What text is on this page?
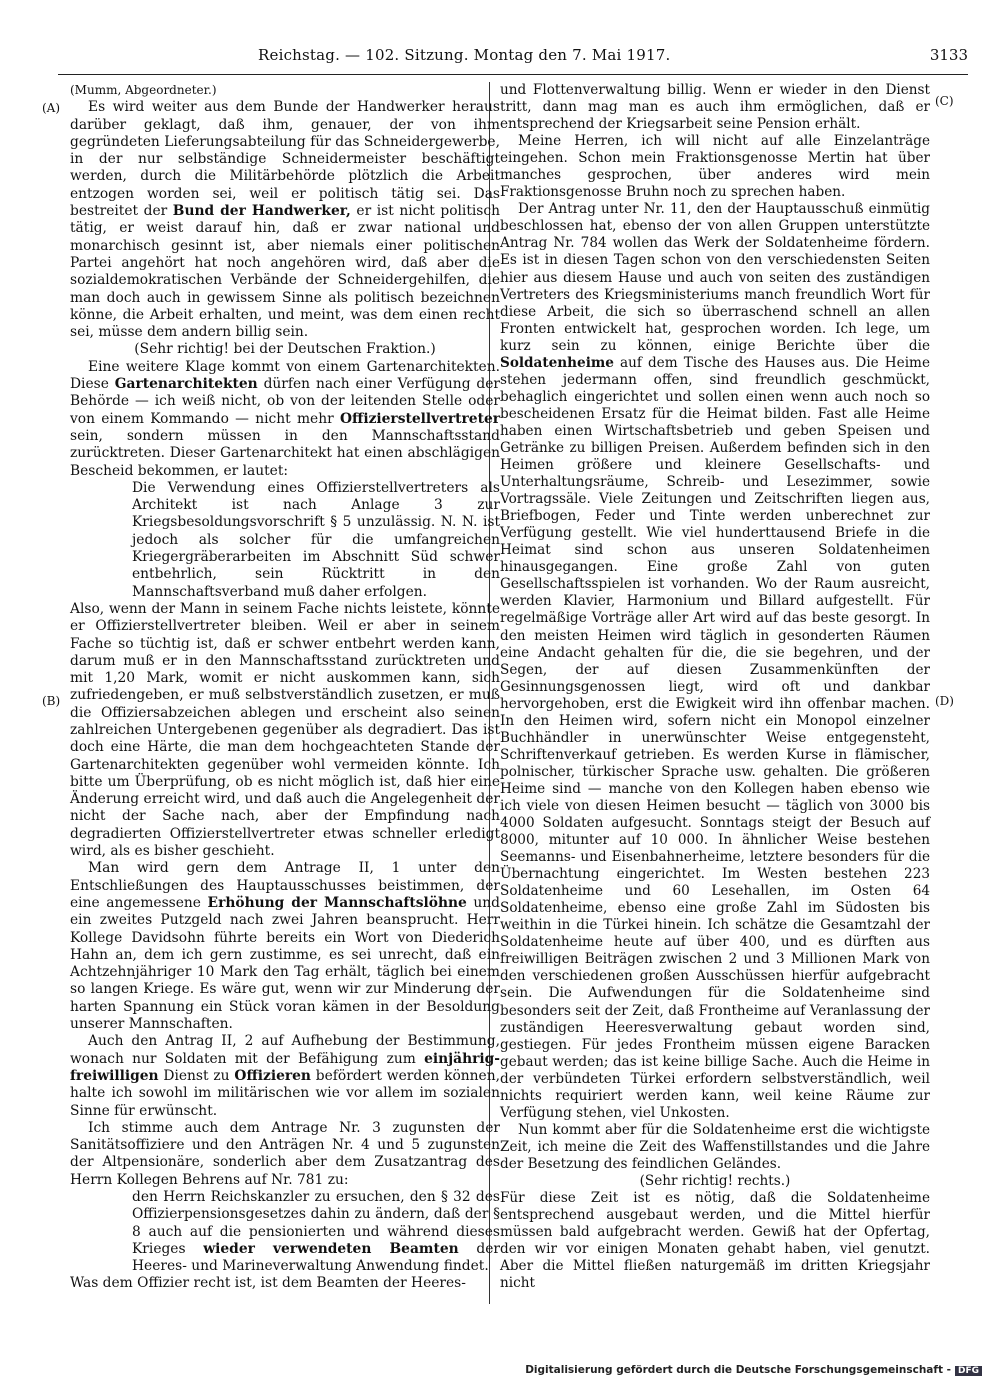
Reichstag. — 102. Sitzung. Montag den 7. Mai 1917.	3133
(A)
(B)
(C)
(D)

(Mumm, Abgeordneter.)

Es wird weiter aus dem Bunde der Handwerker heraus darüber geklagt, daß ihm, genauer, der von ihm gegründeten Lieferungsabteilung für das Schneidergewerbe, in der nur selbständige Schneidermeister beschäftigt werden, durch die Militärbehörde plötzlich die Arbeit entzogen worden sei, weil er politisch tätig sei. Das bestreitet der Bund der Handwerker, er ist nicht politisch tätig, er weist darauf hin, daß er zwar national und monarchisch gesinnt ist, aber niemals einer politischen Partei angehört hat noch angehören wird, daß aber die sozialdemokratischen Verbände der Schneidergehilfen, die man doch auch in gewissem Sinne als politisch bezeichnen könne, die Arbeit erhalten, und meint, was dem einen recht sei, müsse dem andern billig sein.

(Sehr richtig! bei der Deutschen Fraktion.)

Eine weitere Klage kommt von einem Gartenarchitekten. Diese Gartenarchitekten dürfen nach einer Verfügung der Behörde — ich weiß nicht, ob von der leitenden Stelle oder von einem Kommando — nicht mehr Offizierstellvertreter sein, sondern müssen in den Mannschaftsstand zurücktreten. Dieser Gartenarchitekt hat einen abschlägigen Bescheid bekommen, er lautet:

Die Verwendung eines Offizierstellvertreters als Architekt ist nach Anlage 3 zur Kriegsbesoldungsvorschrift § 5 unzulässig. N. N. ist jedoch als solcher für die umfangreichen Kriegergräberarbeiten im Abschnitt Süd schwer entbehrlich, sein Rücktritt in den Mannschaftsverband muß daher erfolgen.

Also, wenn der Mann in seinem Fache nichts leistete, könnte er Offizierstellvertreter bleiben. Weil er aber in seinem Fache so tüchtig ist, daß er schwer entbehrt werden kann, darum muß er in den Mannschaftsstand zurücktreten und mit 1,20 Mark, womit er nicht auskommen kann, sich zufriedengeben, er muß selbstverständlich zusetzen, er muß die Offiziersabzeichen ablegen und erscheint also seinen zahlreichen Untergebenen gegenüber als degradiert. Das ist doch eine Härte, die man dem hochgeachteten Stande der Gartenarchitekten gegenüber wohl vermeiden könnte. Ich bitte um Überprüfung, ob es nicht möglich ist, daß hier eine Änderung erreicht wird, und daß auch die Angelegenheit der nicht der Sache nach, aber der Empfindung nach degradierten Offizierstellvertreter etwas schneller erledigt wird, als es bisher geschieht.

Man wird gern dem Antrage II, 1 unter den Entschließungen des Hauptausschusses beistimmen, der eine angemessene Erhöhung der Mannschaftslöhne und ein zweites Putzgeld nach zwei Jahren beansprucht. Herr Kollege Davidsohn führte bereits ein Wort von Diederich Hahn an, dem ich gern zustimme, es sei unrecht, daß ein Achtzehnjähriger 10 Mark den Tag erhält, täglich bei einem so langen Kriege. Es wäre gut, wenn wir zur Minderung der harten Spannung ein Stück voran kämen in der Besoldung unserer Mannschaften.

Auch den Antrag II, 2 auf Aufhebung der Bestimmung, wonach nur Soldaten mit der Befähigung zum einjährig-freiwilligen Dienst zu Offizieren befördert werden können, halte ich sowohl im militärischen wie vor allem im sozialen Sinne für erwünscht.

Ich stimme auch dem Antrage Nr. 3 zugunsten der Sanitätsoffiziere und den Anträgen Nr. 4 und 5 zugunsten der Altpensionäre, sonderlich aber dem Zusatzantrag des Herrn Kollegen Behrens auf Nr. 781 zu:

den Herrn Reichskanzler zu ersuchen, den § 32 des Offizierpensionsgesetzes dahin zu ändern, daß der § 8 auch auf die pensionierten und während dieses Krieges wieder verwendeten Beamten der Heeres- und Marineverwaltung Anwendung findet.

Was dem Offizier recht ist, ist dem Beamten der Heeres-

und Flottenverwaltung billig. Wenn er wieder in den Dienst tritt, dann mag man es auch ihm ermöglichen, daß er entsprechend der Kriegsarbeit seine Pension erhält.

Meine Herren, ich will nicht auf alle Einzelanträge eingehen. Schon mein Fraktionsgenosse Mertin hat über manches gesprochen, über anderes wird mein Fraktionsgenosse Bruhn noch zu sprechen haben.

Der Antrag unter Nr. 11, den der Hauptausschuß einmütig beschlossen hat, ebenso der von allen Gruppen unterstützte Antrag Nr. 784 wollen das Werk der Soldatenheime fördern. Es ist in diesen Tagen schon von den verschiedensten Seiten hier aus diesem Hause und auch von seiten des zuständigen Vertreters des Kriegsministeriums manch freundlich Wort für diese Arbeit, die sich so überraschend schnell an allen Fronten entwickelt hat, gesprochen worden. Ich lege, um kurz sein zu können, einige Berichte über die Soldatenheime auf dem Tische des Hauses aus. Die Heime stehen jedermann offen, sind freundlich geschmückt, behaglich eingerichtet und sollen einen wenn auch noch so bescheidenen Ersatz für die Heimat bilden. Fast alle Heime haben einen Wirtschaftsbetrieb und geben Speisen und Getränke zu billigen Preisen. Außerdem befinden sich in den Heimen größere und kleinere Gesellschafts- und Unterhaltungsräume, Schreib- und Lesezimmer, sowie Vortragssäle. Viele Zeitungen und Zeitschriften liegen aus, Briefbogen, Feder und Tinte werden unberechnet zur Verfügung gestellt. Wie viel hunderttausend Briefe in die Heimat sind schon aus unseren Soldatenheimen hinausgegangen. Eine große Zahl von guten Gesellschaftsspielen ist vorhanden. Wo der Raum ausreicht, werden Klavier, Harmonium und Billard aufgestellt. Für regelmäßige Vorträge aller Art wird auf das beste gesorgt. In den meisten Heimen wird täglich in gesonderten Räumen eine Andacht gehalten für die, die sie begehren, und der Segen, der auf diesen Zusammenkünften der Gesinnungsgenossen liegt, wird oft und dankbar hervorgehoben, erst die Ewigkeit wird ihn offenbar machen. In den Heimen wird, sofern nicht ein Monopol einzelner Buchhändler in unerwünschter Weise entgegensteht, Schriftenverkauf getrieben. Es werden Kurse in flämischer, polnischer, türkischer Sprache usw. gehalten. Die größeren Heime sind — manche von den Kollegen haben ebenso wie ich viele von diesen Heimen besucht — täglich von 3000 bis 4000 Soldaten aufgesucht. Sonntags steigt der Besuch auf 8000, mitunter auf 10 000. In ähnlicher Weise bestehen Seemanns- und Eisenbahnerheime, letztere besonders für die Übernachtung eingerichtet. Im Westen bestehen 223 Soldatenheime und 60 Lesehallen, im Osten 64 Soldatenheime, ebenso eine große Zahl im Südosten bis weithin in die Türkei hinein. Ich schätze die Gesamtzahl der Soldatenheime heute auf über 400, und es dürften aus freiwilligen Beiträgen zwischen 2 und 3 Millionen Mark von den verschiedenen großen Ausschüssen hierfür aufgebracht sein. Die Aufwendungen für die Soldatenheime sind besonders seit der Zeit, daß Frontheime auf Veranlassung der zuständigen Heeresverwaltung gebaut worden sind, gestiegen. Für jedes Frontheim müssen eigene Baracken gebaut werden; das ist keine billige Sache. Auch die Heime in der verbündeten Türkei erfordern selbstverständlich, weil nichts requiriert werden kann, weil keine Räume zur Verfügung stehen, viel Unkosten.

Nun kommt aber für die Soldatenheime erst die wichtigste Zeit, ich meine die Zeit des Waffenstillstandes und die Jahre der Besetzung des feindlichen Geländes.

(Sehr richtig! rechts.)

Für diese Zeit ist es nötig, daß die Soldatenheime entsprechend ausgebaut werden, und die Mittel hierfür müssen bald aufgebracht werden. Gewiß hat der Opfertag, den wir vor einigen Monaten gehabt haben, viel genutzt. Aber die Mittel fließen naturgemäß im dritten Kriegsjahr nicht

Digitalisierung gefördert durch die Deutsche Forschungsgemeinschaft - DFG
